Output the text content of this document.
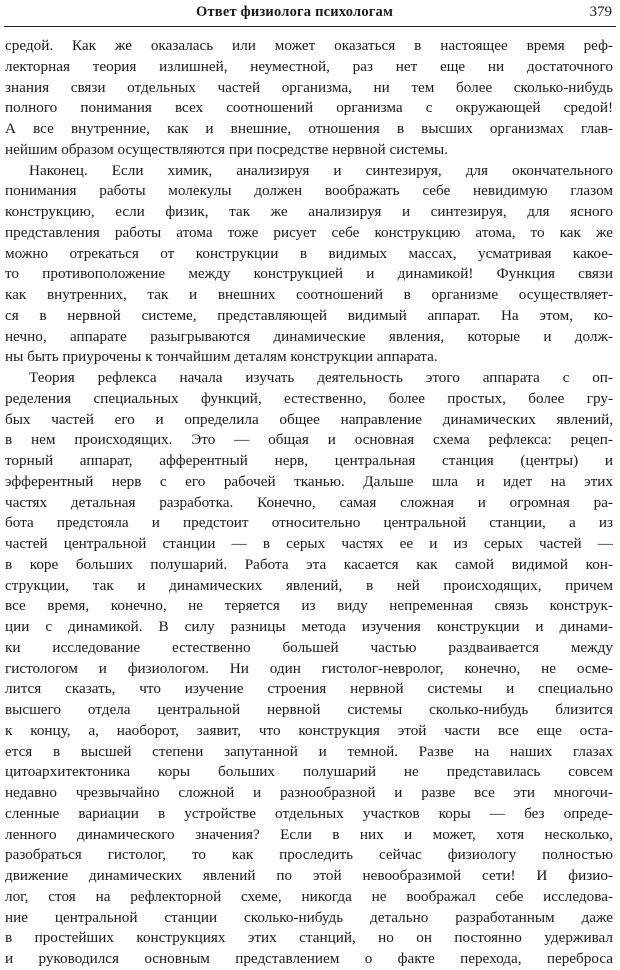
Ответ физиолога психологам	379
средой. Как же оказалась или может оказаться в настоящее время реф-
лекторная теория излишней, неуместной, раз нет еще ни достаточного
знания связи отдельных частей организма, ни тем более сколько-нибудь
полного понимания всех соотношений организма с окружающей средой!
А все внутренние, как и внешние, отношения в высших организмах глав-
нейшим образом осуществляются при посредстве нервной системы.
Наконец. Если химик, анализируя и синтезируя, для окончательного
понимания работы молекулы должен воображать себе невидимую глазом
конструкцию, если физик, так же анализируя и синтезируя, для ясного
представления работы атома тоже рисует себе конструкцию атома, то как же
можно отрекаться от конструкции в видимых массах, усматривая какое-
то противоположение между конструкцией и динамикой! Функция связи
как внутренних, так и внешних соотношений в организме осуществляет-
ся в нервной системе, представляющей видимый аппарат. На этом, ко-
нечно, аппарате разыгрываются динамические явления, которые и долж-
ны быть приурочены к тончайшим деталям конструкции аппарата.
Теория рефлекса начала изучать деятельность этого аппарата с оп-
ределения специальных функций, естественно, более простых, более гру-
бых частей его и определила общее направление динамических явлений,
в нем происходящих. Это — общая и основная схема рефлекса: рецеп-
торный аппарат, афферентный нерв, центральная станция (центры) и
эфферентный нерв с его рабочей тканью. Дальше шла и идет на этих
частях детальная разработка. Конечно, самая сложная и огромная ра-
бота предстояла и предстоит относительно центральной станции, а из
частей центральной станции — в серых частях ее и из серых частей —
в коре больших полушарий. Работа эта касается как самой видимой кон-
струкции, так и динамических явлений, в ней происходящих, причем
все время, конечно, не теряется из виду непременная связь конструк-
ции с динамикой. В силу разницы метода изучения конструкции и динами-
ки исследование естественно большей частью раздваивается между
гистологом и физиологом. Ни один гистолог-невролог, конечно, не осме-
лится сказать, что изучение строения нервной системы и специально
высшего отдела центральной нервной системы сколько-нибудь близится
к концу, а, наоборот, заявит, что конструкция этой части все еще оста-
ется в высшей степени запутанной и темной. Разве на наших глазах
цитоархитектоника коры больших полушарий не представилась совсем
недавно чрезвычайно сложной и разнообразной и разве все эти многочи-
сленные вариации в устройстве отдельных участков коры — без опреде-
ленного динамического значения? Если в них и может, хотя несколько,
разобраться гистолог, то как проследить сейчас физиологу полностью
движение динамических явлений по этой невообразимой сети! И физио-
лог, стоя на рефлекторной схеме, никогда не воображал себе исследова-
ние центральной станции сколько-нибудь детально разработанным даже
в простейших конструкциях этих станций, но он постоянно удерживал
и руководился основным представлением о факте перехода, переброса
